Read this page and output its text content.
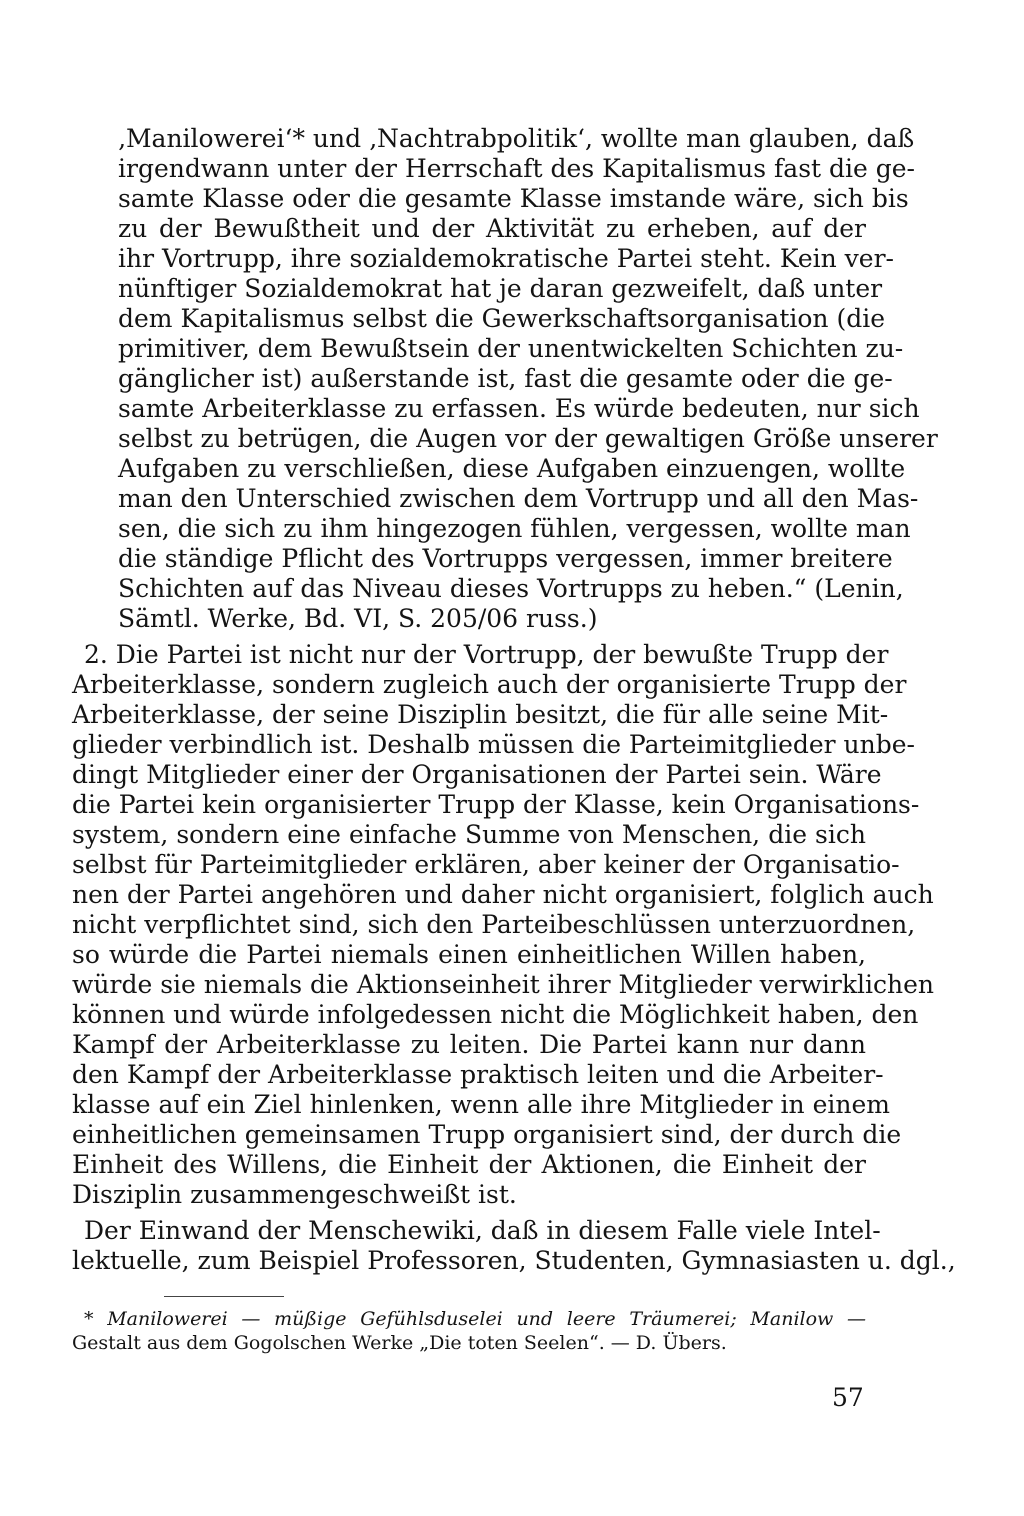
‚Manilowerei‘* und ‚Nachtrabpolitik‘, wollte man glauben, daß

irgendwann unter der Herrschaft des Kapitalismus fast die ge-

samte Klasse oder die gesamte Klasse imstande wäre, sich bis

zu der Bewußtheit und der Aktivität zu erheben, auf der

ihr Vortrupp, ihre sozialdemokratische Partei steht. Kein ver-

nünftiger Sozialdemokrat hat je daran gezweifelt, daß unter

dem Kapitalismus selbst die Gewerkschaftsorganisation (die

primitiver, dem Bewußtsein der unentwickelten Schichten zu-

gänglicher ist) außerstande ist, fast die gesamte oder die ge-

samte Arbeiterklasse zu erfassen. Es würde bedeuten, nur sich

selbst zu betrügen, die Augen vor der gewaltigen Größe unserer

Aufgaben zu verschließen, diese Aufgaben einzuengen, wollte

man den Unterschied zwischen dem Vortrupp und all den Mas-

sen, die sich zu ihm hingezogen fühlen, vergessen, wollte man

die ständige Pflicht des Vortrupps vergessen, immer breitere

Schichten auf das Niveau dieses Vortrupps zu heben.“ (Lenin,

Sämtl. Werke, Bd. VI, S. 205/06 russ.)

2. Die Partei ist nicht nur der Vortrupp, der bewußte Trupp der

Arbeiterklasse, sondern zugleich auch der organisierte Trupp der

Arbeiterklasse, der seine Disziplin besitzt, die für alle seine Mit-

glieder verbindlich ist. Deshalb müssen die Parteimitglieder unbe-

dingt Mitglieder einer der Organisationen der Partei sein. Wäre

die Partei kein organisierter Trupp der Klasse, kein Organisations-

system, sondern eine einfache Summe von Menschen, die sich

selbst für Parteimitglieder erklären, aber keiner der Organisatio-

nen der Partei angehören und daher nicht organisiert, folglich auch

nicht verpflichtet sind, sich den Parteibeschlüssen unterzuordnen,

so würde die Partei niemals einen einheitlichen Willen haben,

würde sie niemals die Aktionseinheit ihrer Mitglieder verwirklichen

können und würde infolgedessen nicht die Möglichkeit haben, den

Kampf der Arbeiterklasse zu leiten. Die Partei kann nur dann

den Kampf der Arbeiterklasse praktisch leiten und die Arbeiter-

klasse auf ein Ziel hinlenken, wenn alle ihre Mitglieder in einem

einheitlichen gemeinsamen Trupp organisiert sind, der durch die

Einheit des Willens, die Einheit der Aktionen, die Einheit der

Disziplin zusammengeschweißt ist.

Der Einwand der Menschewiki, daß in diesem Falle viele Intel-

lektuelle, zum Beispiel Professoren, Studenten, Gymnasiasten u. dgl.,

* Manilowerei — müßige Gefühlsduselei und leere Träumerei; Manilow —

Gestalt aus dem Gogolschen Werke „Die toten Seelen“. — D. Übers.

57
